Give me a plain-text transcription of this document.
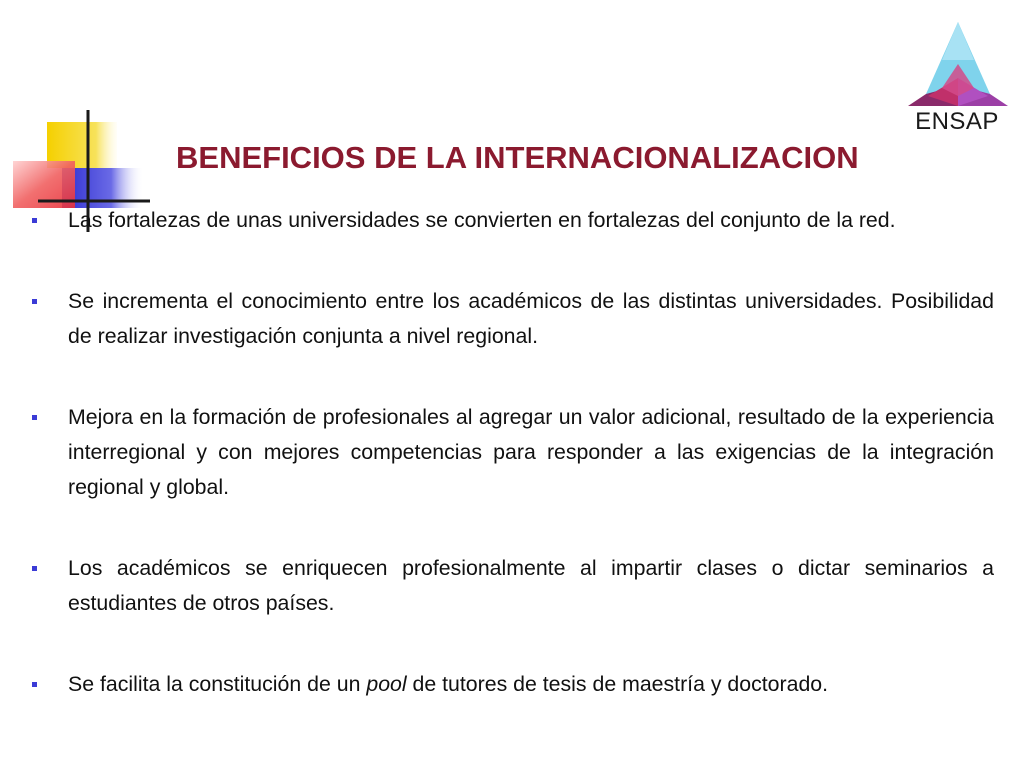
ENSAP
BENEFICIOS DE LA INTERNACIONALIZACION
Las fortalezas de unas universidades se convierten en fortalezas del conjunto de la red.
Se incrementa el conocimiento entre los académicos de las distintas universidades. Posibilidad de realizar investigación conjunta a nivel regional.
Mejora en la formación de profesionales al agregar un valor adicional, resultado de la experiencia interregional y con mejores competencias para responder a las exigencias de la integración regional y global.
Los académicos se enriquecen profesionalmente al impartir clases o dictar seminarios a estudiantes de otros países.
Se facilita la constitución de un pool de tutores de tesis de maestría y doctorado.
